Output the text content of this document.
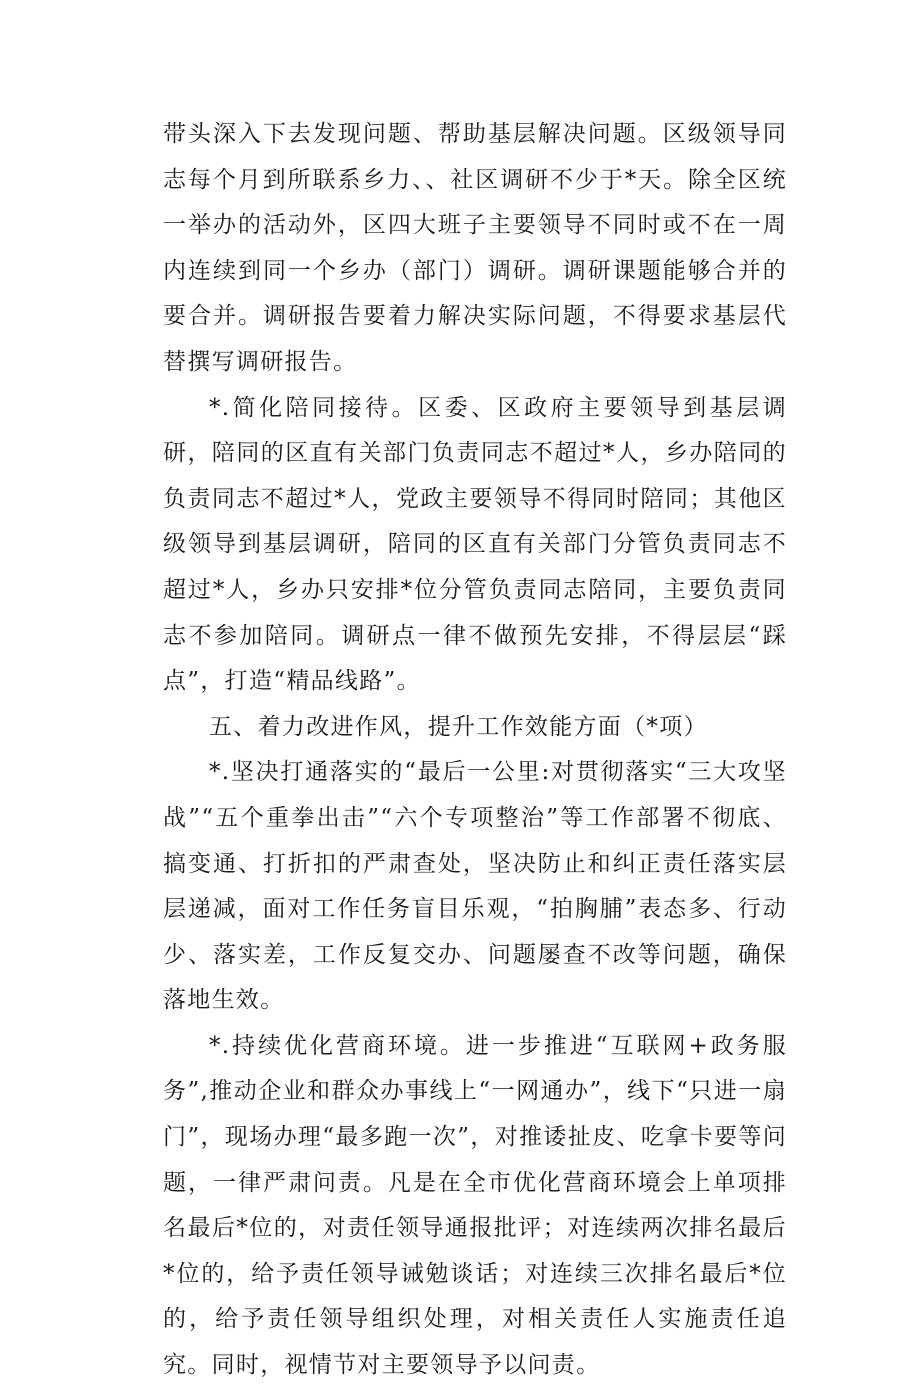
带头深入下去发现问题、帮助基层解决问题。区级领导同志每个月到所联系乡力、、社区调研不少于*天。除全区统一举办的活动外，区四大班子主要领导不同时或不在一周内连续到同一个乡办（部门）调研。调研课题能够合并的要合并。调研报告要着力解决实际问题，不得要求基层代替撰写调研报告。

*.简化陪同接待。区委、区政府主要领导到基层调研，陪同的区直有关部门负责同志不超过*人，乡办陪同的负责同志不超过*人，党政主要领导不得同时陪同；其他区级领导到基层调研，陪同的区直有关部门分管负责同志不超过*人，乡办只安排*位分管负责同志陪同，主要负责同志不参加陪同。调研点一律不做预先安排，不得层层“踩点”，打造“精品线路”。

五、着力改进作风，提升工作效能方面（*项）

*.坚决打通落实的“最后一公里:对贯彻落实“三大攻坚战”“五个重拳出击”“六个专项整治”等工作部署不彻底、搞变通、打折扣的严肃查处，坚决防止和纠正责任落实层层递减，面对工作任务盲目乐观，“拍胸脯”表态多、行动少、落实差，工作反复交办、问题屡查不改等问题，确保落地生效。

*.持续优化营商环境。进一步推进“互联网+政务服务”,推动企业和群众办事线上“一网通办”，线下“只进一扇门”，现场办理“最多跑一次”，对推诿扯皮、吃拿卡要等问题，一律严肃问责。凡是在全市优化营商环境会上单项排名最后*位的，对责任领导通报批评；对连续两次排名最后*位的，给予责任领导诫勉谈话；对连续三次排名最后*位的，给予责任领导组织处理，对相关责任人实施责任追究。同时，视情节对主要领导予以问责。
